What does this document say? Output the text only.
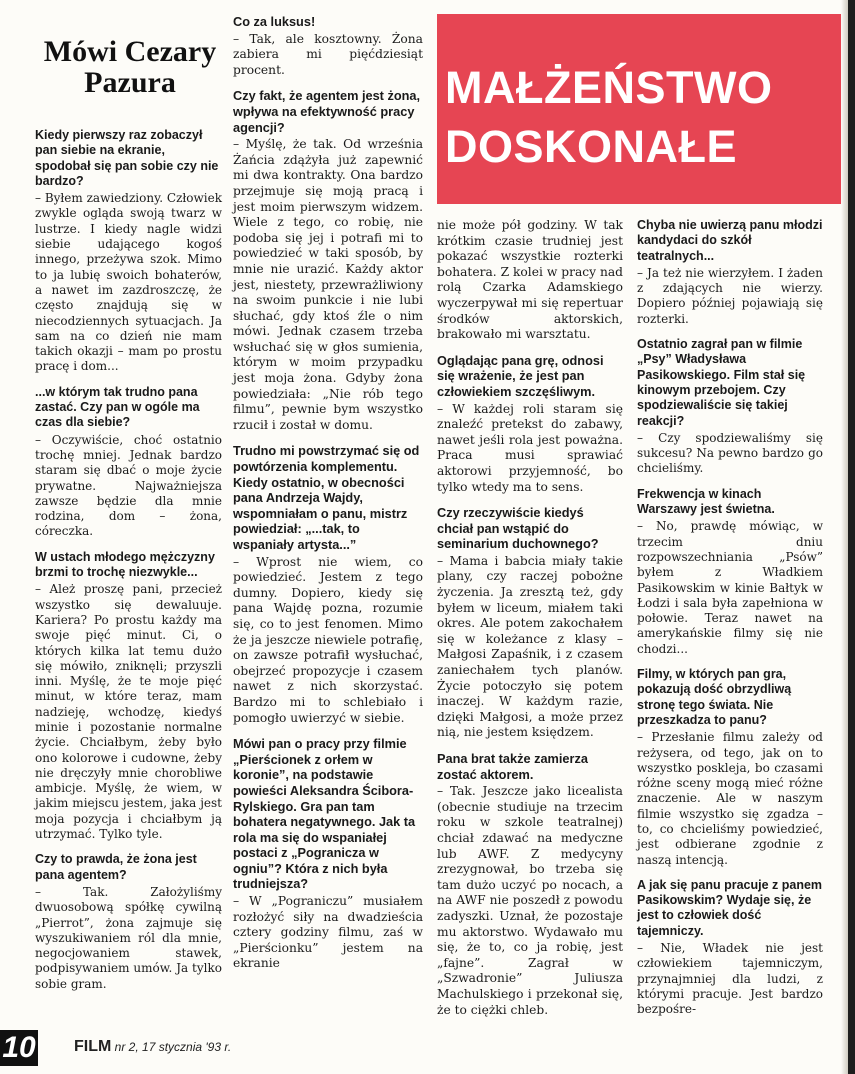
Mówi Cezary Pazura	MAŁŻEŃSTWO DOSKONAŁE

Kiedy pierwszy raz zobaczył pan siebie na ekranie, spodobał się pan sobie czy nie bardzo?

– Byłem zawiedziony. Człowiek zwykle ogląda swoją twarz w lustrze. I kiedy nagle widzi siebie udającego kogoś innego, przeżywa szok. Mimo to ja lubię swoich bohaterów, a nawet im zazdroszczę, że często znajdują się w niecodziennych sytuacjach. Ja sam na co dzień nie mam takich okazji – mam po prostu pracę i dom...

...w którym tak trudno pana zastać. Czy pan w ogóle ma czas dla siebie?

– Oczywiście, choć ostatnio trochę mniej. Jednak bardzo staram się dbać o moje życie prywatne. Najważniejsza zawsze będzie dla mnie rodzina, dom – żona, córeczka.

W ustach młodego mężczyzny brzmi to trochę niezwykle...

– Ależ proszę pani, przecież wszystko się dewaluuje. Kariera? Po prostu każdy ma swoje pięć minut. Ci, o których kilka lat temu dużo się mówiło, zniknęli; przyszli inni. Myślę, że te moje pięć minut, w które teraz, mam nadzieję, wchodzę, kiedyś minie i pozostanie normalne życie. Chciałbym, żeby było ono kolorowe i cudowne, żeby nie dręczyły mnie chorobliwe ambicje. Myślę, że wiem, w jakim miejscu jestem, jaka jest moja pozycja i chciałbym ją utrzymać. Tylko tyle.

Czy to prawda, że żona jest pana agentem?

– Tak. Założyliśmy dwuosobową spółkę cywilną „Pierrot”, żona zajmuje się wyszukiwaniem ról dla mnie, negocjowaniem stawek, podpisywaniem umów. Ja tylko sobie gram.

Co za luksus!

– Tak, ale kosztowny. Żona zabiera mi pięćdziesiąt procent.

Czy fakt, że agentem jest żona, wpływa na efektywność pracy agencji?

– Myślę, że tak. Od września Żańcia zdążyła już zapewnić mi dwa kontrakty. Ona bardzo przejmuje się moją pracą i jest moim pierwszym widzem. Wiele z tego, co robię, nie podoba się jej i potrafi mi to powiedzieć w taki sposób, by mnie nie urazić. Każdy aktor jest, niestety, przewrażliwiony na swoim punkcie i nie lubi słuchać, gdy ktoś źle o nim mówi. Jednak czasem trzeba wsłuchać się w głos sumienia, którym w moim przypadku jest moja żona. Gdyby żona powiedziała: „Nie rób tego filmu”, pewnie bym wszystko rzucił i został w domu.

Trudno mi powstrzymać się od powtórzenia komplementu. Kiedy ostatnio, w obecności pana Andrzeja Wajdy, wspomniałam o panu, mistrz powiedział: „...tak, to wspaniały artysta...”

– Wprost nie wiem, co powiedzieć. Jestem z tego dumny. Dopiero, kiedy się pana Wajdę pozna, rozumie się, co to jest fenomen. Mimo że ja jeszcze niewiele potrafię, on zawsze potrafił wysłuchać, obejrzeć propozycje i czasem nawet z nich skorzystać. Bardzo mi to schlebiało i pomogło uwierzyć w siebie.

Mówi pan o pracy przy filmie „Pierścionek z orłem w koronie”, na podstawie powieści Aleksandra Ścibora-Rylskiego. Gra pan tam bohatera negatywnego. Jak ta rola ma się do wspaniałej postaci z „Pogranicza w ogniu”? Która z nich była trudniejsza?

– W „Pograniczu” musiałem rozłożyć siły na dwadzieścia cztery godziny filmu, zaś w „Pierścionku” jestem na ekranie

nie może pół godziny. W tak krótkim czasie trudniej jest pokazać wszystkie rozterki bohatera. Z kolei w pracy nad rolą Czarka Adamskiego wyczerpywał mi się repertuar środków aktorskich, brakowało mi warsztatu.

Oglądając pana grę, odnosi się wrażenie, że jest pan człowiekiem szczęśliwym.

– W każdej roli staram się znaleźć pretekst do zabawy, nawet jeśli rola jest poważna. Praca musi sprawiać aktorowi przyjemność, bo tylko wtedy ma to sens.

Czy rzeczywiście kiedyś chciał pan wstąpić do seminarium duchownego?

– Mama i babcia miały takie plany, czy raczej pobożne życzenia. Ja zresztą też, gdy byłem w liceum, miałem taki okres. Ale potem zakochałem się w koleżance z klasy – Małgosi Zapaśnik, i z czasem zaniechałem tych planów. Życie potoczyło się potem inaczej. W każdym razie, dzięki Małgosi, a może przez nią, nie jestem księdzem.

Pana brat także zamierza zostać aktorem.

– Tak. Jeszcze jako licealista (obecnie studiuje na trzecim roku w szkole teatralnej) chciał zdawać na medyczne lub AWF. Z medycyny zrezygnował, bo trzeba się tam dużo uczyć po nocach, a na AWF nie poszedł z powodu zadyszki. Uznał, że pozostaje mu aktorstwo. Wydawało mu się, że to, co ja robię, jest „fajne”. Zagrał w „Szwadronie” Juliusza Machulskiego i przekonał się, że to ciężki chleb.

Chyba nie uwierzą panu młodzi kandydaci do szkół teatralnych...

– Ja też nie wierzyłem. I żaden z zdających nie wierzy. Dopiero później pojawiają się rozterki.

Ostatnio zagrał pan w filmie „Psy” Władysława Pasikowskiego. Film stał się kinowym przebojem. Czy spodziewaliście się takiej reakcji?

– Czy spodziewaliśmy się sukcesu? Na pewno bardzo go chcieliśmy.

Frekwencja w kinach Warszawy jest świetna.

– No, prawdę mówiąc, w trzecim dniu rozpowszechniania „Psów” byłem z Władkiem Pasikowskim w kinie Bałtyk w Łodzi i sala była zapełniona w połowie. Teraz nawet na amerykańskie filmy się nie chodzi...

Filmy, w których pan gra, pokazują dość obrzydliwą stronę tego świata. Nie przeszkadza to panu?

– Przesłanie filmu zależy od reżysera, od tego, jak on to wszystko poskleja, bo czasami różne sceny mogą mieć różne znaczenie. Ale w naszym filmie wszystko się zgadza – to, co chcieliśmy powiedzieć, jest odbierane zgodnie z naszą intencją.

A jak się panu pracuje z panem Pasikowskim? Wydaje się, że jest to człowiek dość tajemniczy.

– Nie, Władek nie jest człowiekiem tajemniczym, przynajmniej dla ludzi, z którymi pracuje. Jest bardzo bezpośre-

10 FILM nr 2, 17 stycznia '93 r.
